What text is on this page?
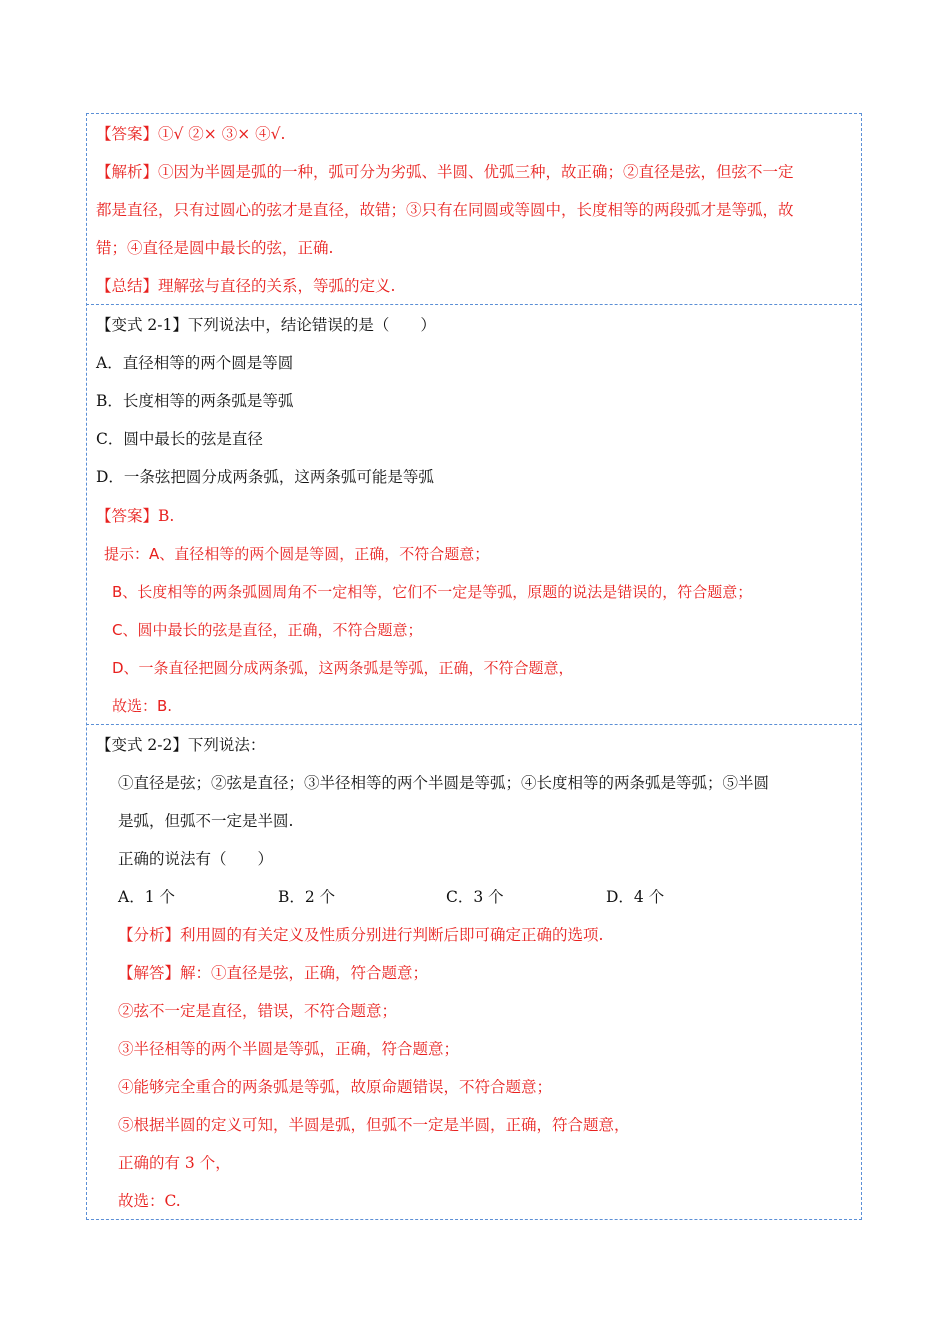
【答案】①√ ②× ③× ④√.
【解析】①因为半圆是弧的一种，弧可分为劣弧、半圆、优弧三种，故正确；②直径是弦，但弦不一定
都是直径，只有过圆心的弦才是直径，故错；③只有在同圆或等圆中，长度相等的两段弧才是等弧，故
错；④直径是圆中最长的弦，正确.
【总结】理解弦与直径的关系，等弧的定义.
【变式 2-1】下列说法中，结论错误的是（　　）
A．直径相等的两个圆是等圆
B．长度相等的两条弧是等弧
C．圆中最长的弦是直径
D．一条弦把圆分成两条弧，这两条弧可能是等弧
【答案】B.
提示：A、直径相等的两个圆是等圆，正确，不符合题意；
B、长度相等的两条弧圆周角不一定相等，它们不一定是等弧，原题的说法是错误的，符合题意；
C、圆中最长的弦是直径，正确，不符合题意；
D、一条直径把圆分成两条弧，这两条弧是等弧，正确，不符合题意，
故选：B.
【变式 2-2】下列说法：
①直径是弦；②弦是直径；③半径相等的两个半圆是等弧；④长度相等的两条弧是等弧；⑤半圆
是弧，但弧不一定是半圆.
正确的说法有（　　）
A．1 个	B．2 个	C．3 个	D．4 个
【分析】利用圆的有关定义及性质分别进行判断后即可确定正确的选项.
【解答】解：①直径是弦，正确，符合题意；
②弦不一定是直径，错误，不符合题意；
③半径相等的两个半圆是等弧，正确，符合题意；
④能够完全重合的两条弧是等弧，故原命题错误，不符合题意；
⑤根据半圆的定义可知，半圆是弧，但弧不一定是半圆，正确，符合题意，
正确的有 3 个，
故选：C.
